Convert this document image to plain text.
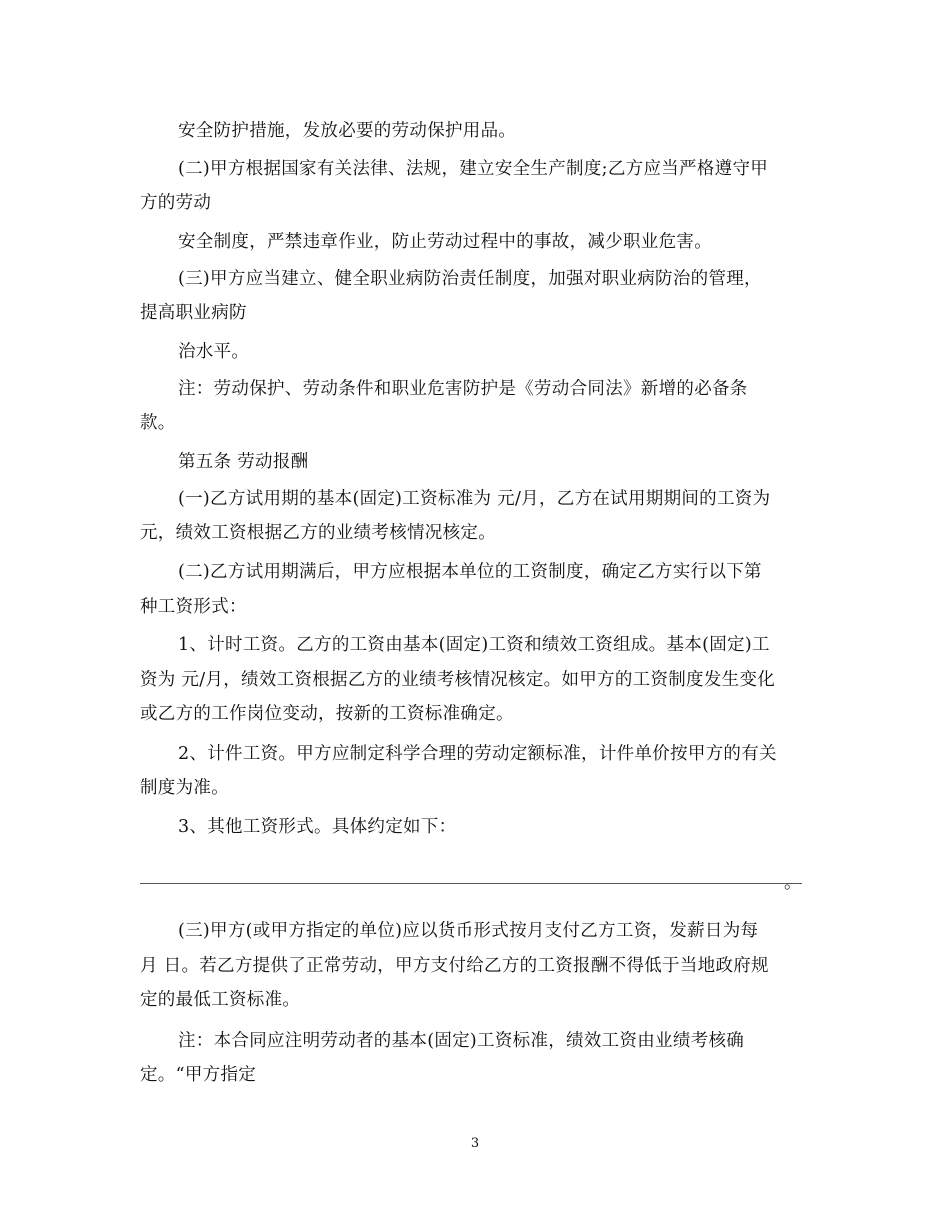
安全防护措施，发放必要的劳动保护用品。
(二)甲方根据国家有关法律、法规，建立安全生产制度;乙方应当严格遵守甲
方的劳动
安全制度，严禁违章作业，防止劳动过程中的事故，减少职业危害。
(三)甲方应当建立、健全职业病防治责任制度，加强对职业病防治的管理，
提高职业病防
治水平。
注：劳动保护、劳动条件和职业危害防护是《劳动合同法》新增的必备条
款。
第五条 劳动报酬
(一)乙方试用期的基本(固定)工资标准为 元/月，乙方在试用期期间的工资为
元，绩效工资根据乙方的业绩考核情况核定。
(二)乙方试用期满后，甲方应根据本单位的工资制度，确定乙方实行以下第
种工资形式：
1、计时工资。乙方的工资由基本(固定)工资和绩效工资组成。基本(固定)工
资为 元/月，绩效工资根据乙方的业绩考核情况核定。如甲方的工资制度发生变化
或乙方的工作岗位变动，按新的工资标准确定。
2、计件工资。甲方应制定科学合理的劳动定额标准，计件单价按甲方的有关
制度为准。
3、其他工资形式。具体约定如下：
。
(三)甲方(或甲方指定的单位)应以货币形式按月支付乙方工资，发薪日为每
月 日。若乙方提供了正常劳动，甲方支付给乙方的工资报酬不得低于当地政府规
定的最低工资标准。
注：本合同应注明劳动者的基本(固定)工资标准，绩效工资由业绩考核确
定。“甲方指定
3
